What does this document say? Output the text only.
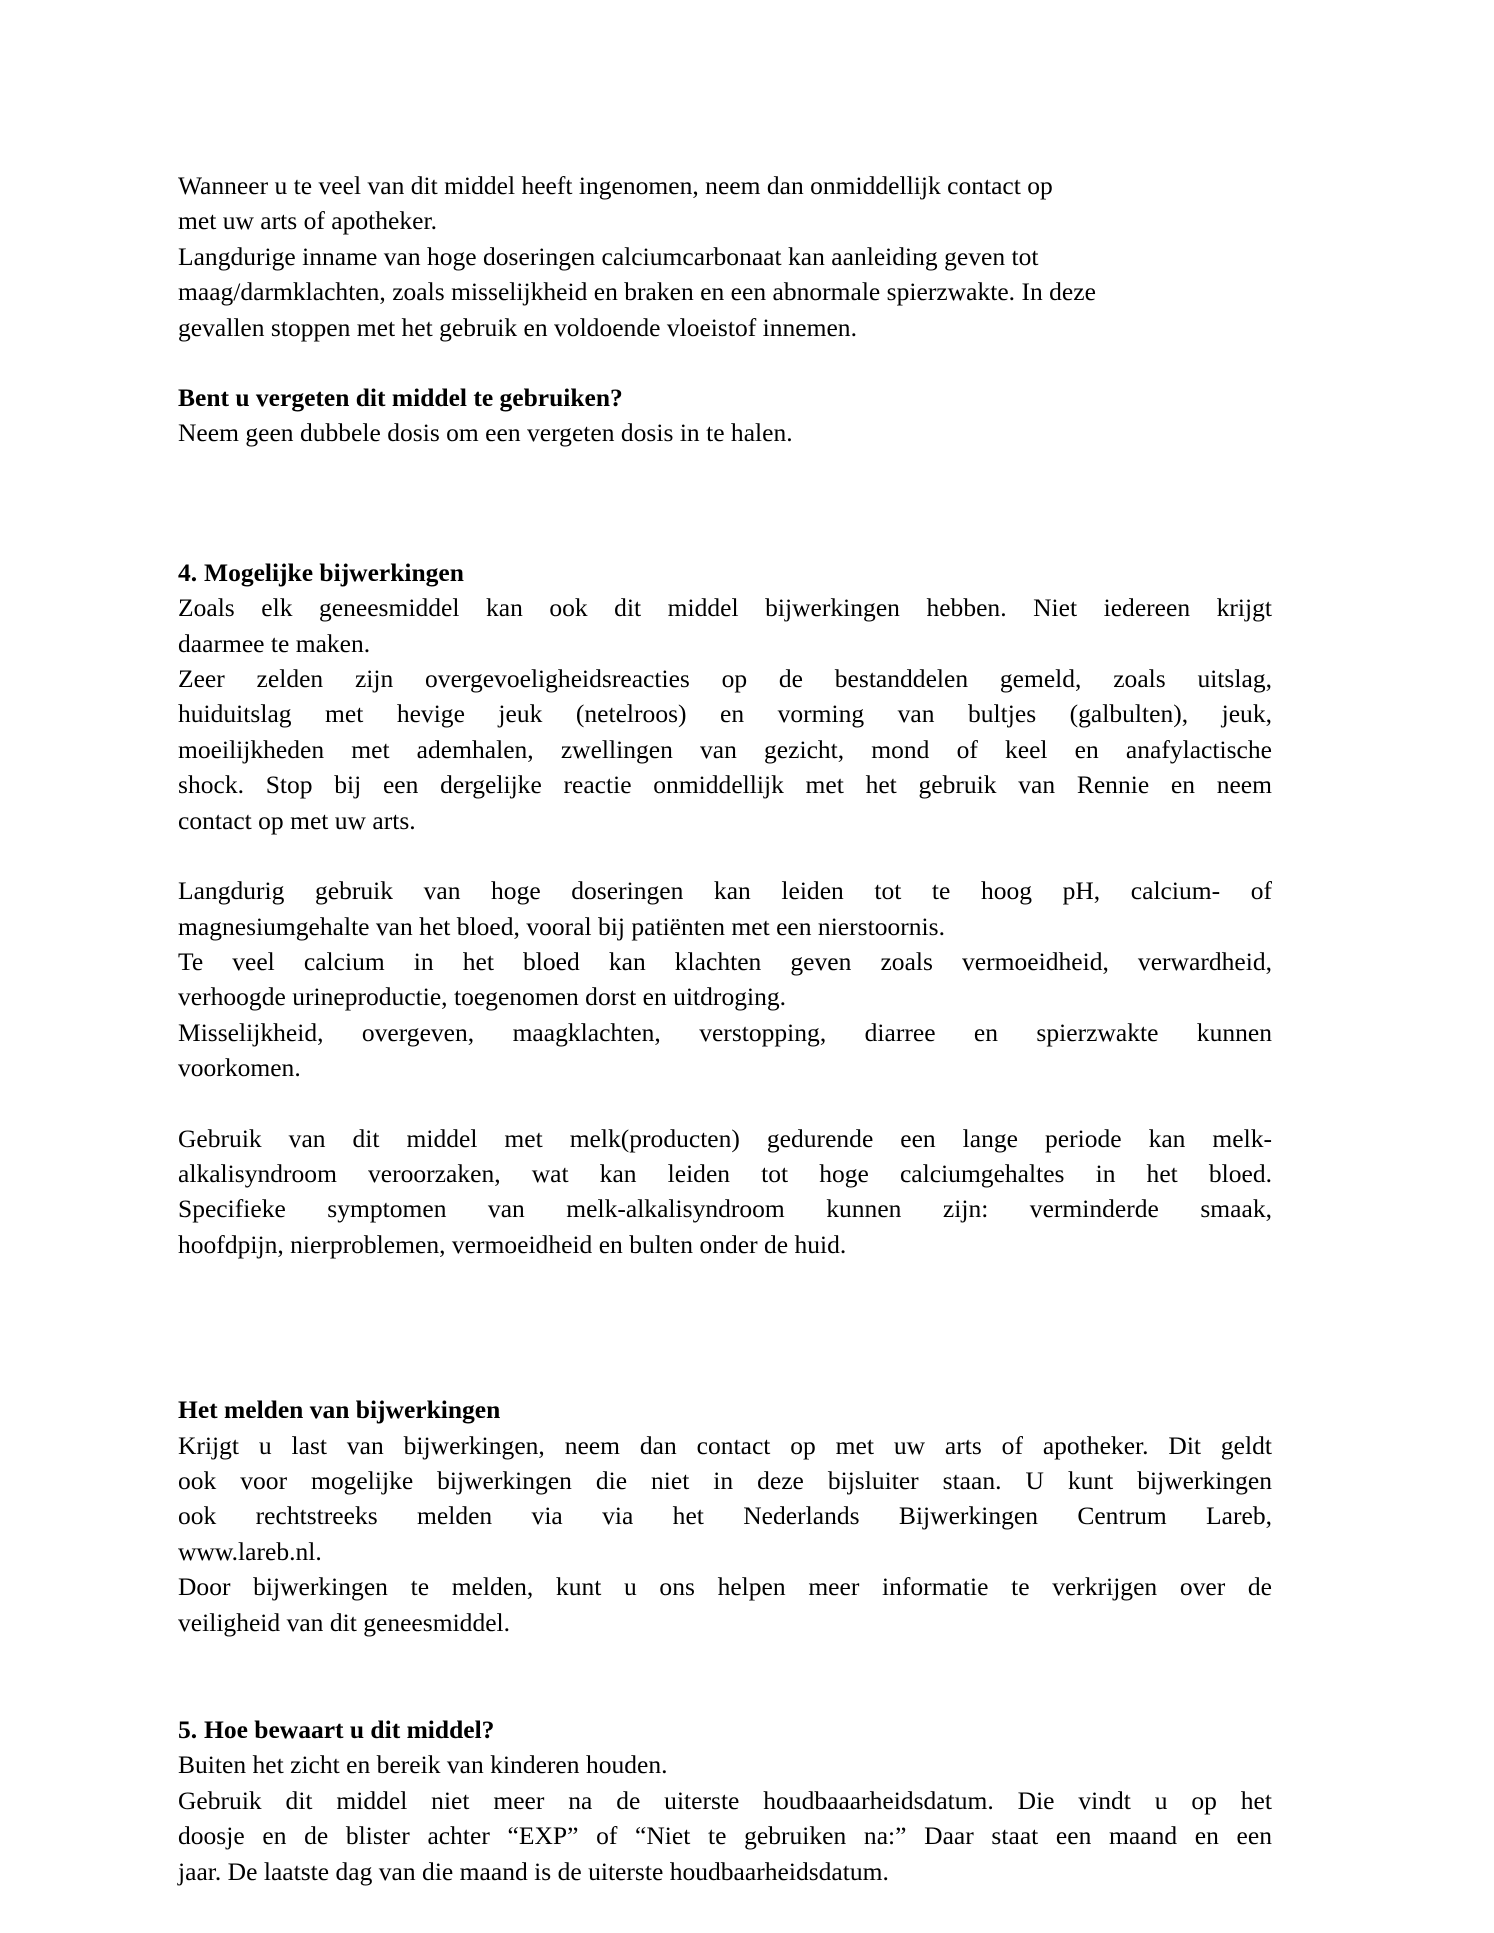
Wanneer u te veel van dit middel heeft ingenomen, neem dan onmiddellijk contact op
met uw arts of apotheker.
Langdurige inname van hoge doseringen calciumcarbonaat kan aanleiding geven tot
maag/darmklachten, zoals misselijkheid en braken en een abnormale spierzwakte. In deze
gevallen stoppen met het gebruik en voldoende vloeistof innemen.
Bent u vergeten dit middel te gebruiken?
Neem geen dubbele dosis om een vergeten dosis in te halen.
4. Mogelijke bijwerkingen
Zoals elk geneesmiddel kan ook dit middel bijwerkingen hebben. Niet iedereen krijgt
daarmee te maken.
Zeer zelden zijn overgevoeligheidsreacties op de bestanddelen gemeld, zoals uitslag,
huiduitslag met hevige jeuk (netelroos) en vorming van bultjes (galbulten), jeuk,
moeilijkheden met ademhalen, zwellingen van gezicht, mond of keel en anafylactische
shock. Stop bij een dergelijke reactie onmiddellijk met het gebruik van Rennie en neem
contact op met uw arts.
Langdurig gebruik van hoge doseringen kan leiden tot te hoog pH, calcium- of
magnesiumgehalte van het bloed, vooral bij patiënten met een nierstoornis.
Te veel calcium in het bloed kan klachten geven zoals vermoeidheid, verwardheid,
verhoogde urineproductie, toegenomen dorst en uitdroging.
Misselijkheid, overgeven, maagklachten, verstopping, diarree en spierzwakte kunnen
voorkomen.
Gebruik van dit middel met melk(producten) gedurende een lange periode kan melk-
alkalisyndroom veroorzaken, wat kan leiden tot hoge calciumgehaltes in het bloed.
Specifieke symptomen van melk-alkalisyndroom kunnen zijn: verminderde smaak,
hoofdpijn, nierproblemen, vermoeidheid en bulten onder de huid.
Het melden van bijwerkingen
Krijgt u last van bijwerkingen, neem dan contact op met uw arts of apotheker. Dit geldt
ook voor mogelijke bijwerkingen die niet in deze bijsluiter staan. U kunt bijwerkingen
ook rechtstreeks melden via via het Nederlands Bijwerkingen Centrum Lareb,
www.lareb.nl.
Door bijwerkingen te melden, kunt u ons helpen meer informatie te verkrijgen over de
veiligheid van dit geneesmiddel.
5. Hoe bewaart u dit middel?
Buiten het zicht en bereik van kinderen houden.
Gebruik dit middel niet meer na de uiterste houdbaaarheidsdatum. Die vindt u op het
doosje en de blister achter “EXP” of “Niet te gebruiken na:” Daar staat een maand en een
jaar. De laatste dag van die maand is de uiterste houdbaarheidsdatum.
